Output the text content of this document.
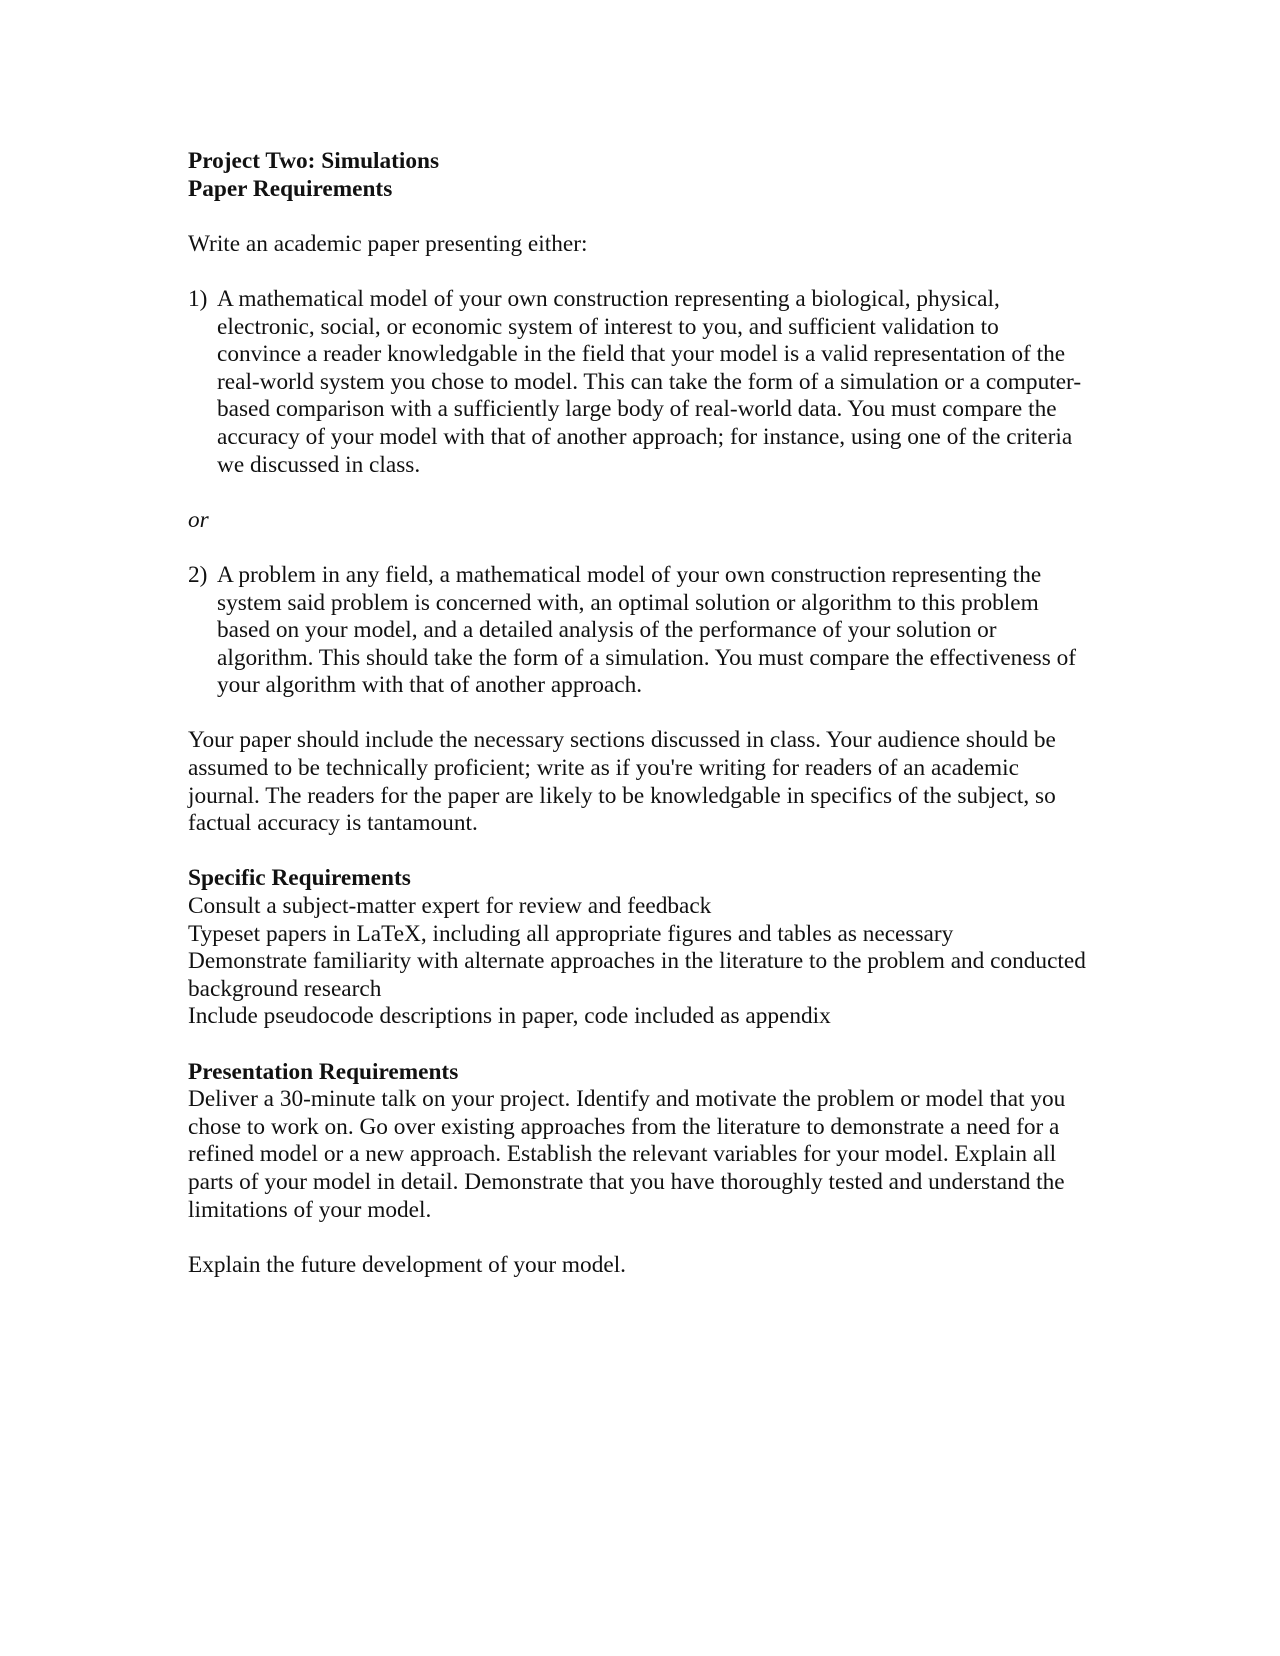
Project Two: Simulations
Paper Requirements

Write an academic paper presenting either:

1) A mathematical model of your own construction representing a biological, physical, electronic, social, or economic system of interest to you, and sufficient validation to convince a reader knowledgable in the field that your model is a valid representation of the real-world system you chose to model. This can take the form of a simulation or a computer-based comparison with a sufficiently large body of real-world data. You must compare the accuracy of your model with that of another approach; for instance, using one of the criteria we discussed in class.

or

2) A problem in any field, a mathematical model of your own construction representing the system said problem is concerned with, an optimal solution or algorithm to this problem based on your model, and a detailed analysis of the performance of your solution or algorithm. This should take the form of a simulation. You must compare the effectiveness of your algorithm with that of another approach.

Your paper should include the necessary sections discussed in class. Your audience should be assumed to be technically proficient; write as if you're writing for readers of an academic journal. The readers for the paper are likely to be knowledgable in specifics of the subject, so factual accuracy is tantamount.

Specific Requirements
Consult a subject-matter expert for review and feedback
Typeset papers in LaTeX, including all appropriate figures and tables as necessary
Demonstrate familiarity with alternate approaches in the literature to the problem and conducted background research
Include pseudocode descriptions in paper, code included as appendix
Presentation Requirements
Deliver a 30-minute talk on your project. Identify and motivate the problem or model that you chose to work on. Go over existing approaches from the literature to demonstrate a need for a refined model or a new approach. Establish the relevant variables for your model. Explain all parts of your model in detail. Demonstrate that you have thoroughly tested and understand the limitations of your model.

Explain the future development of your model.
